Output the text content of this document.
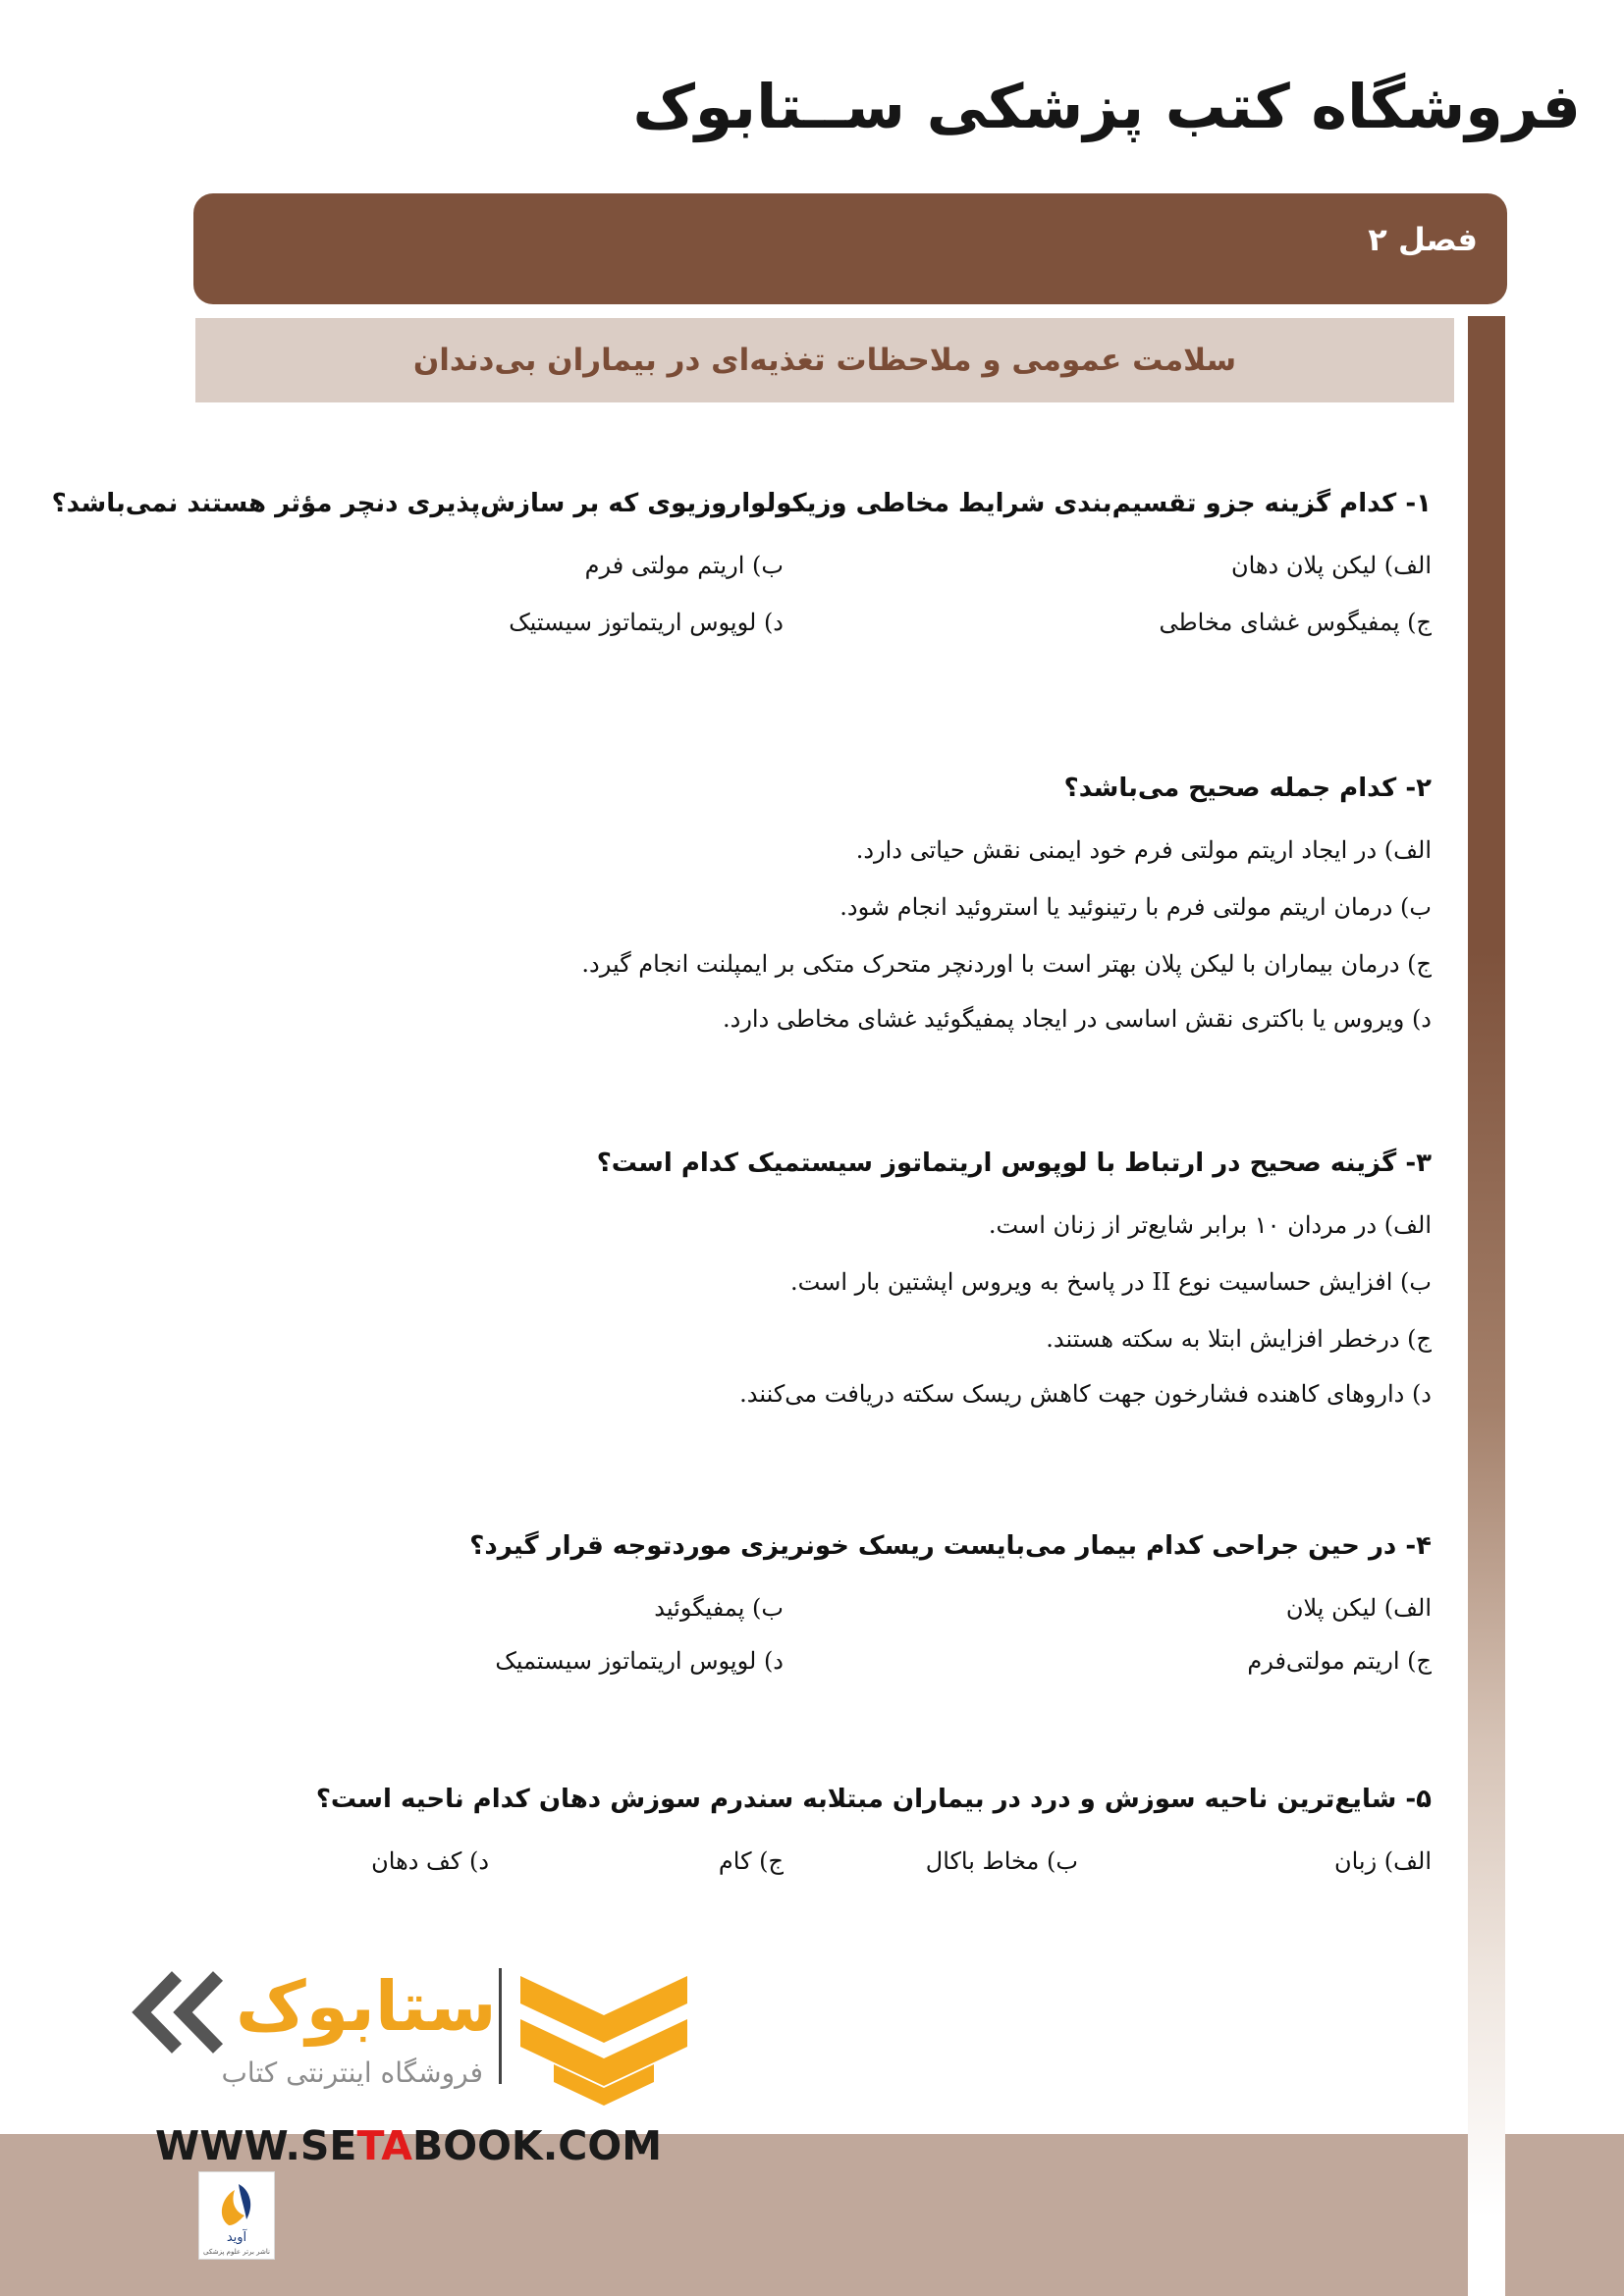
فروشگاه کتب پزشکی ســتابوک
فصل ۲
سلامت عمومی و ملاحظات تغذیه‌ای در بیماران بی‌دندان
۱- کدام گزینه جزو تقسیم‌بندی شرایط مخاطی وزیکولواروزیوی که بر سازش‌پذیری دنچر مؤثر هستند نمی‌باشد؟
الف) لیکن پلان دهان
ب) اریتم مولتی فرم
ج) پمفیگوس غشای مخاطی
د) لوپوس اریتماتوز سیستیک
۲- کدام جمله صحیح می‌باشد؟
الف) در ایجاد اریتم مولتی فرم خود ایمنی نقش حیاتی دارد.
ب) درمان اریتم مولتی فرم با رتینوئید یا استروئید انجام شود.
ج) درمان بیماران با لیکن پلان بهتر است با اوردنچر متحرک متکی بر ایمپلنت انجام گیرد.
د) ویروس یا باکتری نقش اساسی در ایجاد پمفیگوئید غشای مخاطی دارد.
۳- گزینه صحیح در ارتباط با لوپوس اریتماتوز سیستمیک کدام است؟
الف) در مردان ۱۰ برابر شایع‌تر از زنان است.
ب) افزایش حساسیت نوع II در پاسخ به ویروس اپشتین بار است.
ج) درخطر افزایش ابتلا به سکته هستند.
د) داروهای کاهنده فشارخون جهت کاهش ریسک سکته دریافت می‌کنند.
۴- در حین جراحی کدام بیمار می‌بایست ریسک خونریزی موردتوجه قرار گیرد؟
الف) لیکن پلان
ب) پمفیگوئید
ج) اریتم مولتی‌فرم
د) لوپوس اریتماتوز سیستمیک
۵- شایع‌ترین ناحیه سوزش و درد در بیماران مبتلابه سندرم سوزش دهان کدام ناحیه است؟
الف) زبان
ب) مخاط باکال
ج) کام
د) کف دهان
ستابوک
فروشگاه اینترنتی کتاب
WWW.SETABOOK.COM
آوید
ناشر برتر علوم پزشکی
